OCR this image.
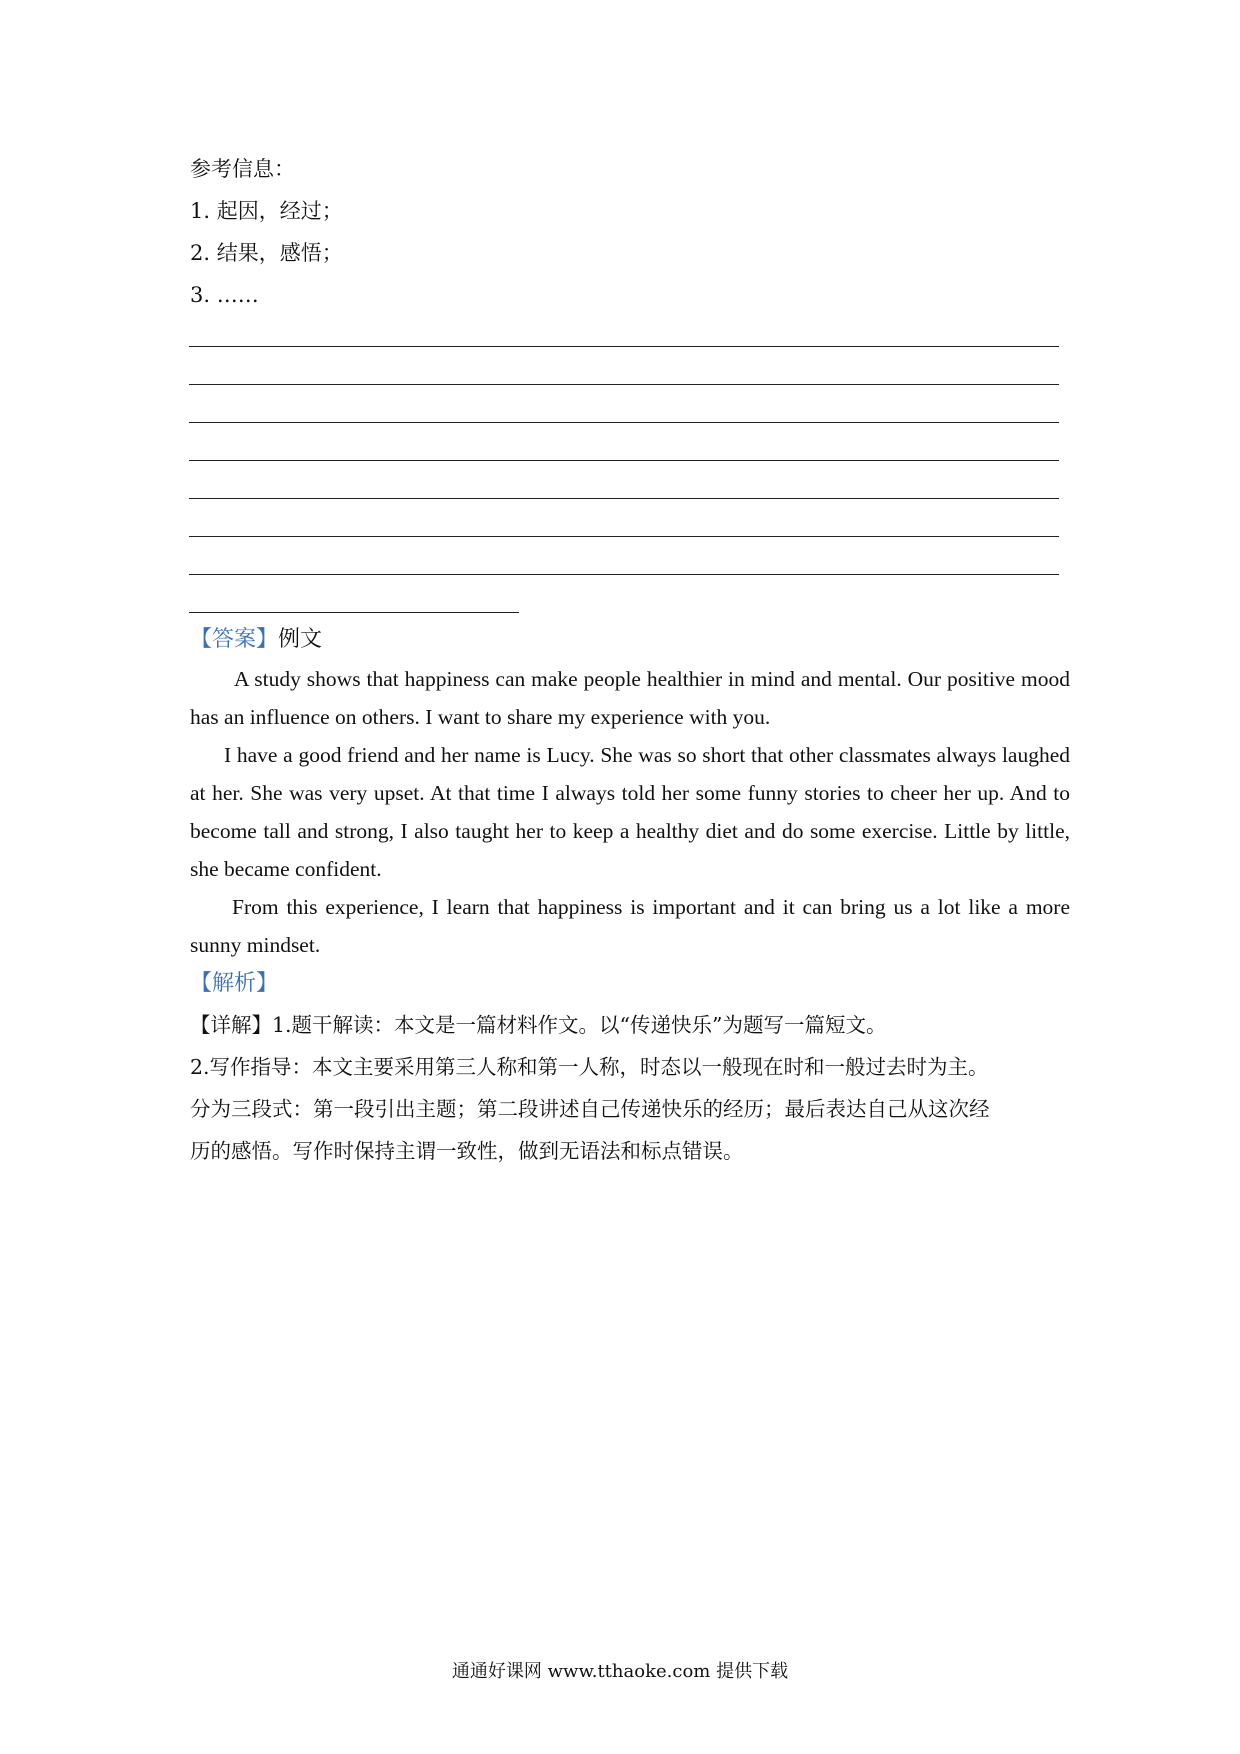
参考信息：

1. 起因，经过；

2. 结果，感悟；

3. ……

【答案】例文

A study shows that happiness can make people healthier in mind and mental. Our positive mood has an influence on others. I want to share my experience with you.

I have a good friend and her name is Lucy. She was so short that other classmates always laughed at her. She was very upset. At that time I always told her some funny stories to cheer her up. And to become tall and strong, I also taught her to keep a healthy diet and do some exercise. Little by little, she became confident.

From this experience, I learn that happiness is important and it can bring us a lot like a more sunny mindset.

【解析】

【详解】1.题干解读：本文是一篇材料作文。以“传递快乐”为题写一篇短文。

2.写作指导：本文主要采用第三人称和第一人称，时态以一般现在时和一般过去时为主。

分为三段式：第一段引出主题；第二段讲述自己传递快乐的经历；最后表达自己从这次经

历的感悟。写作时保持主谓一致性，做到无语法和标点错误。

通通好课网 www.tthaoke.com 提供下载
